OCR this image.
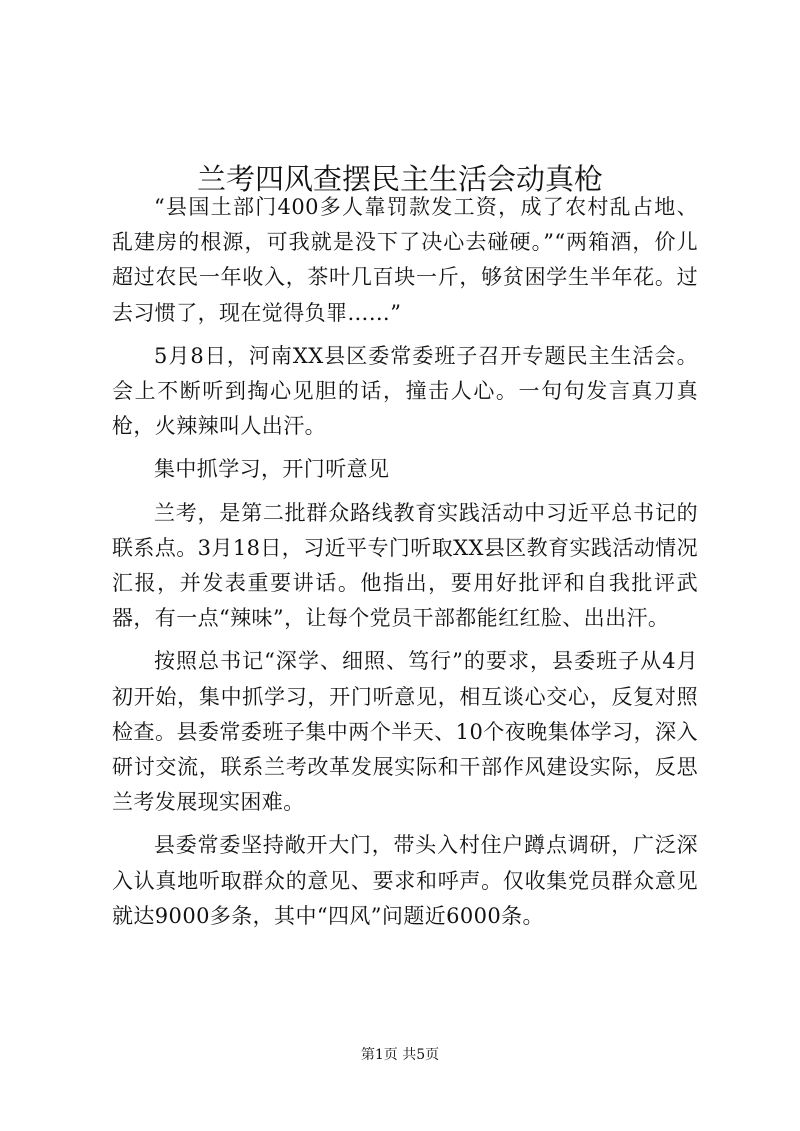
兰考四风查摆民主生活会动真枪

“县国土部门400多人靠罚款发工资，成了农村乱占地、乱建房的根源，可我就是没下了决心去碰硬。”“两箱酒，价儿超过农民一年收入，茶叶几百块一斤，够贫困学生半年花。过去习惯了，现在觉得负罪……”

5月8日，河南XX县区委常委班子召开专题民主生活会。会上不断听到掏心见胆的话，撞击人心。一句句发言真刀真枪，火辣辣叫人出汗。

集中抓学习，开门听意见

兰考，是第二批群众路线教育实践活动中习近平总书记的联系点。3月18日，习近平专门听取XX县区教育实践活动情况汇报，并发表重要讲话。他指出，要用好批评和自我批评武器，有一点“辣味”，让每个党员干部都能红红脸、出出汗。

按照总书记“深学、细照、笃行”的要求，县委班子从4月初开始，集中抓学习，开门听意见，相互谈心交心，反复对照检查。县委常委班子集中两个半天、10个夜晚集体学习，深入研讨交流，联系兰考改革发展实际和干部作风建设实际，反思兰考发展现实困难。

县委常委坚持敞开大门，带头入村住户蹲点调研，广泛深入认真地听取群众的意见、要求和呼声。仅收集党员群众意见就达9000多条，其中“四风”问题近6000条。

第1页 共5页
